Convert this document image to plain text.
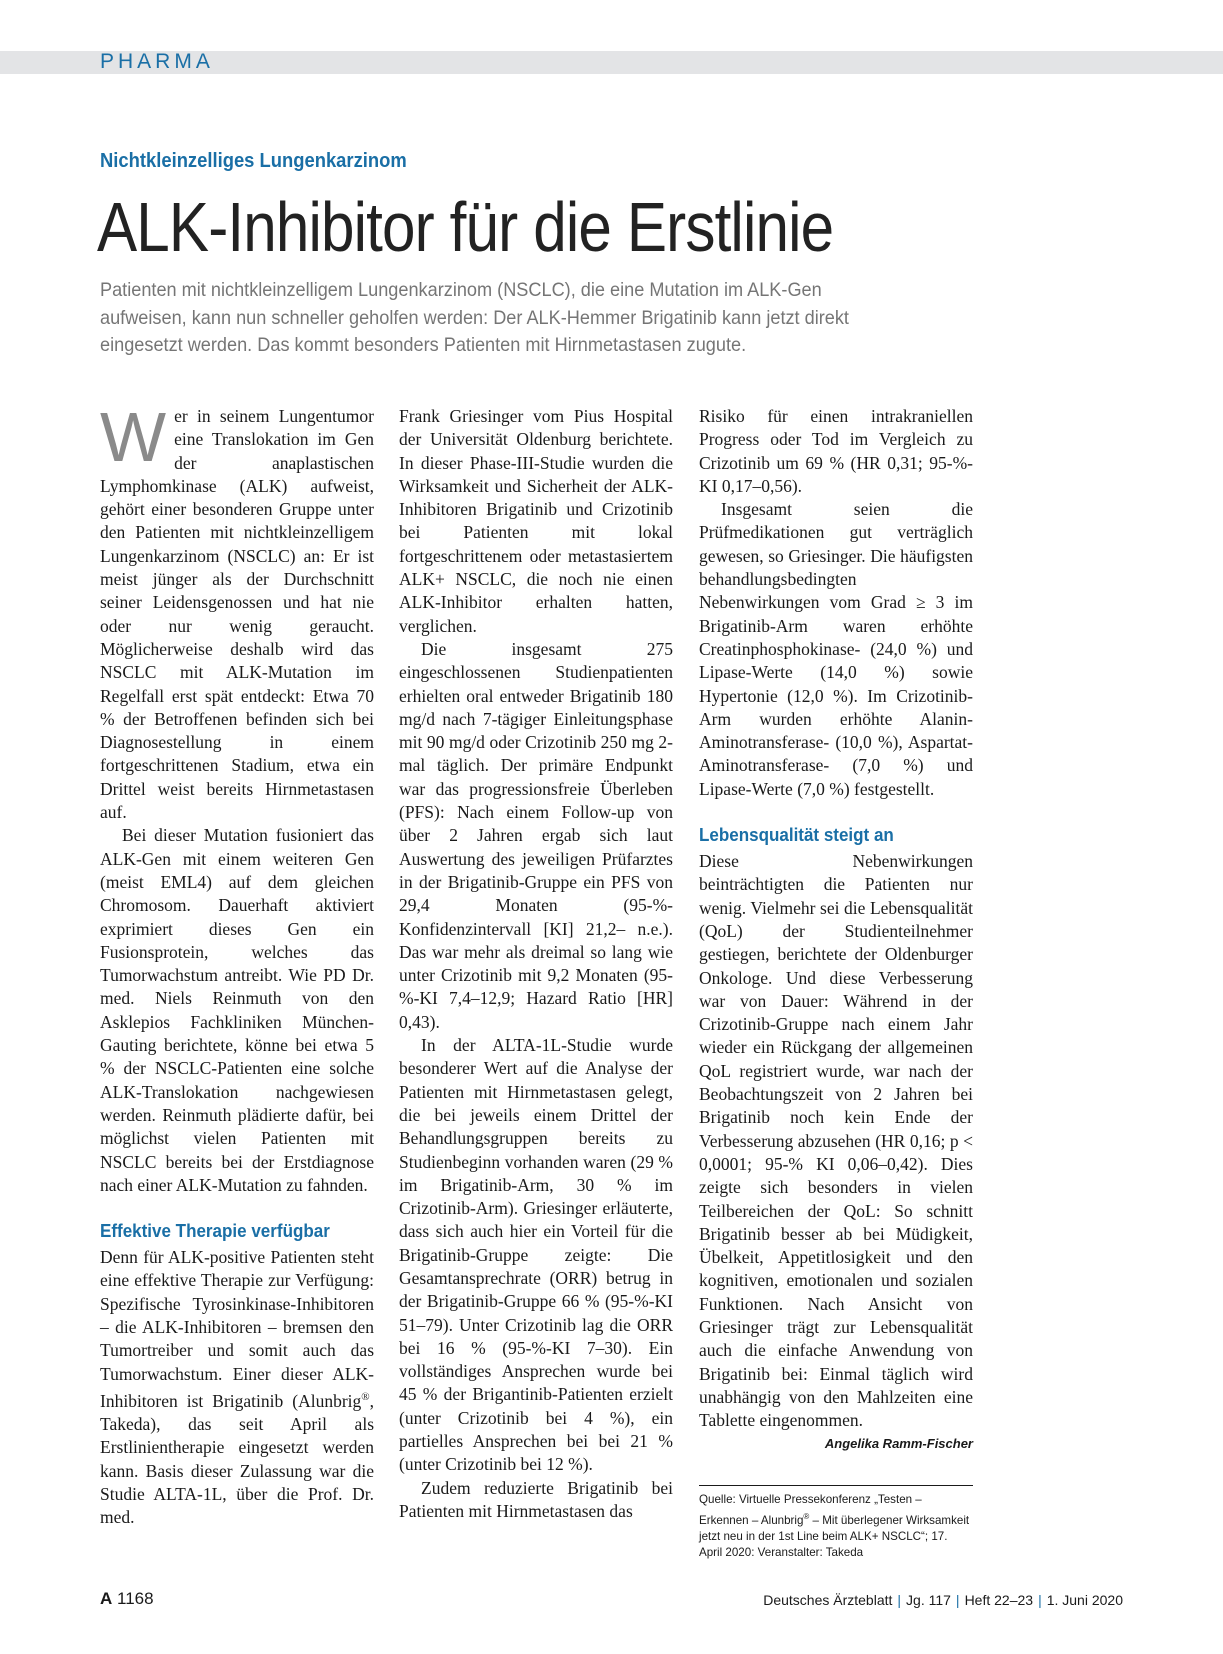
PHARMA
Nichtkleinzelliges Lungenkarzinom
ALK-Inhibitor für die Erstlinie
Patienten mit nichtkleinzelligem Lungenkarzinom (NSCLC), die eine Mutation im ALK-Gen aufweisen, kann nun schneller geholfen werden: Der ALK-Hemmer Brigatinib kann jetzt direkt eingesetzt werden. Das kommt besonders Patienten mit Hirnmetastasen zugute.

Wer in seinem Lungentumor eine Translokation im Gen der anaplastischen Lymphomkinase (ALK) aufweist, gehört einer besonderen Gruppe unter den Patienten mit nichtkleinzelligem Lungenkarzinom (NSCLC) an: Er ist meist jünger als der Durchschnitt seiner Leidensgenossen und hat nie oder nur wenig geraucht. Möglicherweise deshalb wird das NSCLC mit ALK-Mutation im Regelfall erst spät entdeckt: Etwa 70 % der Betroffenen befinden sich bei Diagnosestellung in einem fortgeschrittenen Stadium, etwa ein Drittel weist bereits Hirnmetastasen auf.

Bei dieser Mutation fusioniert das ALK-Gen mit einem weiteren Gen (meist EML4) auf dem gleichen Chromosom. Dauerhaft aktiviert exprimiert dieses Gen ein Fusionsprotein, welches das Tumorwachstum antreibt. Wie PD Dr. med. Niels Reinmuth von den Asklepios Fachkliniken München-Gauting berichtete, könne bei etwa 5 % der NSCLC-Patienten eine solche ALK-Translokation nachgewiesen werden. Reinmuth plädierte dafür, bei möglichst vielen Patienten mit NSCLC bereits bei der Erstdiagnose nach einer ALK-Mutation zu fahnden.

Effektive Therapie verfügbar

Denn für ALK-positive Patienten steht eine effektive Therapie zur Verfügung: Spezifische Tyrosinkinase-Inhibitoren – die ALK-Inhibitoren – bremsen den Tumortreiber und somit auch das Tumorwachstum. Einer dieser ALK-Inhibitoren ist Brigatinib (Alunbrig®, Takeda), das seit April als Erstlinientherapie eingesetzt werden kann. Basis dieser Zulassung war die Studie ALTA-1L, über die Prof. Dr. med.

Frank Griesinger vom Pius Hospital der Universität Oldenburg berichtete. In dieser Phase-III-Studie wurden die Wirksamkeit und Sicherheit der ALK-Inhibitoren Brigatinib und Crizotinib bei Patienten mit lokal fortgeschrittenem oder metastasiertem ALK+ NSCLC, die noch nie einen ALK-Inhibitor erhalten hatten, verglichen.

Die insgesamt 275 eingeschlossenen Studienpatienten erhielten oral entweder Brigatinib 180 mg/d nach 7-tägiger Einleitungsphase mit 90 mg/d oder Crizotinib 250 mg 2-mal täglich. Der primäre Endpunkt war das progressionsfreie Überleben (PFS): Nach einem Follow-up von über 2 Jahren ergab sich laut Auswertung des jeweiligen Prüfarztes in der Brigatinib-Gruppe ein PFS von 29,4 Monaten (95-%-Konfidenzintervall [KI] 21,2– n.e.). Das war mehr als dreimal so lang wie unter Crizotinib mit 9,2 Monaten (95-%-KI 7,4–12,9; Hazard Ratio [HR] 0,43).

In der ALTA-1L-Studie wurde besonderer Wert auf die Analyse der Patienten mit Hirnmetastasen gelegt, die bei jeweils einem Drittel der Behandlungsgruppen bereits zu Studienbeginn vorhanden waren (29 % im Brigatinib-Arm, 30 % im Crizotinib-Arm). Griesinger erläuterte, dass sich auch hier ein Vorteil für die Brigatinib-Gruppe zeigte: Die Gesamtansprechrate (ORR) betrug in der Brigatinib-Gruppe 66 % (95-%-KI 51–79). Unter Crizotinib lag die ORR bei 16 % (95-%-KI 7–30). Ein vollständiges Ansprechen wurde bei 45 % der Brigantinib-Patienten erzielt (unter Crizotinib bei 4 %), ein partielles Ansprechen bei bei 21 % (unter Crizotinib bei 12 %).

Zudem reduzierte Brigatinib bei Patienten mit Hirnmetastasen das

Risiko für einen intrakraniellen Progress oder Tod im Vergleich zu Crizotinib um 69 % (HR 0,31; 95-%-KI 0,17–0,56).

Insgesamt seien die Prüfmedikationen gut verträglich gewesen, so Griesinger. Die häufigsten behandlungsbedingten Nebenwirkungen vom Grad ≥ 3 im Brigatinib-Arm waren erhöhte Creatinphosphokinase- (24,0 %) und Lipase-Werte (14,0 %) sowie Hypertonie (12,0 %). Im Crizotinib-Arm wurden erhöhte Alanin-Aminotransferase- (10,0 %), Aspartat-Aminotransferase- (7,0 %) und Lipase-Werte (7,0 %) festgestellt.

Lebensqualität steigt an

Diese Nebenwirkungen beinträchtigten die Patienten nur wenig. Vielmehr sei die Lebensqualität (QoL) der Studienteilnehmer gestiegen, berichtete der Oldenburger Onkologe. Und diese Verbesserung war von Dauer: Während in der Crizotinib-Gruppe nach einem Jahr wieder ein Rückgang der allgemeinen QoL registriert wurde, war nach der Beobachtungszeit von 2 Jahren bei Brigatinib noch kein Ende der Verbesserung abzusehen (HR 0,16; p < 0,0001; 95-% KI 0,06–0,42). Dies zeigte sich besonders in vielen Teilbereichen der QoL: So schnitt Brigatinib besser ab bei Müdigkeit, Übelkeit, Appetitlosigkeit und den kognitiven, emotionalen und sozialen Funktionen. Nach Ansicht von Griesinger trägt zur Lebensqualität auch die einfache Anwendung von Brigatinib bei: Einmal täglich wird unabhängig von den Mahlzeiten eine Tablette eingenommen.
Angelika Ramm-Fischer

Quelle: Virtuelle Pressekonferenz „Testen – Erkennen – Alunbrig® – Mit überlegener Wirksamkeit jetzt neu in der 1st Line beim ALK+ NSCLC“; 17. April 2020: Veranstalter: Takeda
A 1168	Deutsches Ärzteblatt | Jg. 117 | Heft 22–23 | 1. Juni 2020
